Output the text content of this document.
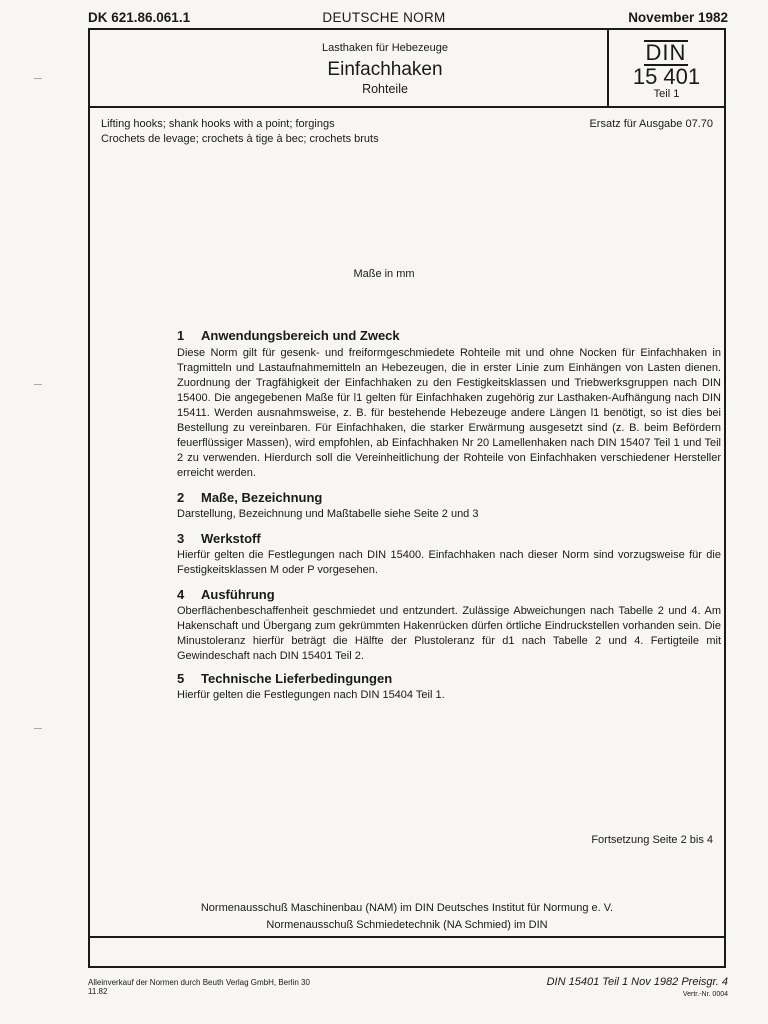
DK 621.86.061.1	DEUTSCHE NORM	November 1982
Lasthaken für Hebezeuge
Einfachhaken
Rohteile
DIN
15 401
Teil 1
Lifting hooks; shank hooks with a point; forgings
Crochets de levage; crochets à tige à bec; crochets bruts
Ersatz für Ausgabe 07.70
Maße in mm
1 Anwendungsbereich und Zweck
Diese Norm gilt für gesenk- und freiformgeschmiedete Rohteile mit und ohne Nocken für Einfachhaken in Tragmitteln und Lastaufnahmemitteln an Hebezeugen, die in erster Linie zum Einhängen von Lasten dienen. Zuordnung der Tragfähigkeit der Einfachhaken zu den Festigkeitsklassen und Triebwerksgruppen nach DIN 15400. Die angegebenen Maße für l1 gelten für Einfachhaken zugehörig zur Lasthaken-Aufhängung nach DIN 15411. Werden ausnahmsweise, z. B. für bestehende Hebezeuge andere Längen l1 benötigt, so ist dies bei Bestellung zu vereinbaren. Für Einfachhaken, die starker Erwärmung ausgesetzt sind (z. B. beim Befördern feuerflüssiger Massen), wird empfohlen, ab Einfachhaken Nr 20 Lamellenhaken nach DIN 15407 Teil 1 und Teil 2 zu verwenden. Hierdurch soll die Vereinheitlichung der Rohteile von Einfachhaken verschiedener Hersteller erreicht werden.
2 Maße, Bezeichnung
Darstellung, Bezeichnung und Maßtabelle siehe Seite 2 und 3
3 Werkstoff
Hierfür gelten die Festlegungen nach DIN 15400. Einfachhaken nach dieser Norm sind vorzugsweise für die Festigkeitsklassen M oder P vorgesehen.
4 Ausführung
Oberflächenbeschaffenheit geschmiedet und entzundert. Zulässige Abweichungen nach Tabelle 2 und 4. Am Hakenschaft und Übergang zum gekrümmten Hakenrücken dürfen örtliche Eindruckstellen vorhanden sein. Die Minustoleranz hierfür beträgt die Hälfte der Plustoleranz für d1 nach Tabelle 2 und 4. Fertigteile mit Gewindeschaft nach DIN 15401 Teil 2.
5 Technische Lieferbedingungen
Hierfür gelten die Festlegungen nach DIN 15404 Teil 1.
Fortsetzung Seite 2 bis 4
Normenausschuß Maschinenbau (NAM) im DIN Deutsches Institut für Normung e. V.
Normenausschuß Schmiedetechnik (NA Schmied) im DIN
Alleinverkauf der Normen durch Beuth Verlag GmbH, Berlin 30
11.82
DIN 15401 Teil 1 Nov 1982 Preisgr. 4
Vertr.-Nr. 0004
